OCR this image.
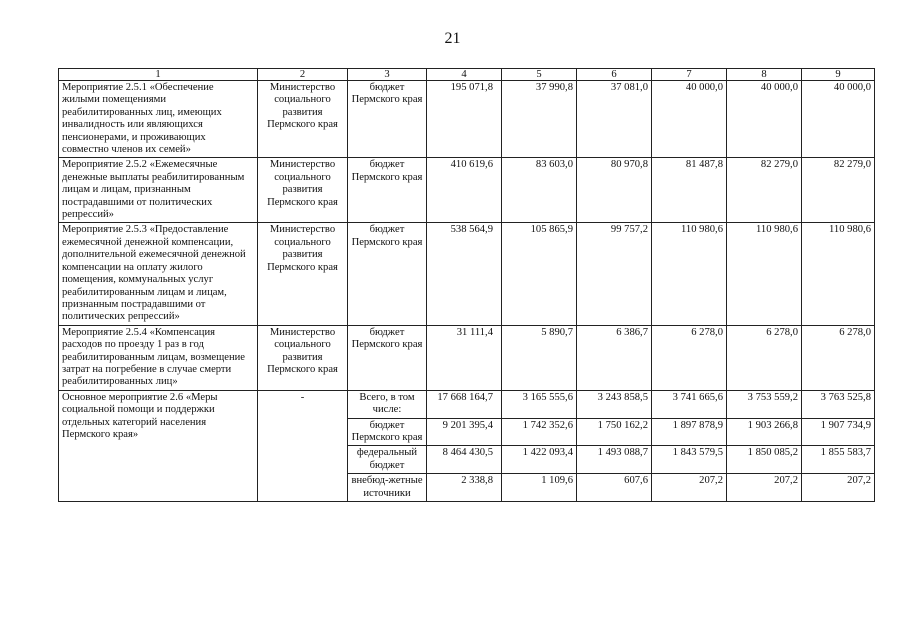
21
1	2	3	4	5	6	7	8	9
Мероприятие 2.5.1 «Обеспечение жилыми помещениями реабилитированных лиц, имеющих инвалидность или являющихся пенсионерами, и проживающих совместно членов их семей»	Министерство социального развития Пермского края	бюджет Пермского края	195 071,8	37 990,8	37 081,0	40 000,0	40 000,0	40 000,0
Мероприятие 2.5.2 «Ежемесячные денежные выплаты реабилитированным лицам и лицам, признанным пострадавшими от политических репрессий»	Министерство социального развития Пермского края	бюджет Пермского края	410 619,6	83 603,0	80 970,8	81 487,8	82 279,0	82 279,0
Мероприятие 2.5.3 «Предоставление ежемесячной денежной компенсации, дополнительной ежемесячной денежной компенсации на оплату жилого помещения, коммунальных услуг реабилитированным лицам и лицам, признанным пострадавшими от политических репрессий»	Министерство социального развития Пермского края	бюджет Пермского края	538 564,9	105 865,9	99 757,2	110 980,6	110 980,6	110 980,6
Мероприятие 2.5.4 «Компенсация расходов по проезду 1 раз в год реабилитированным лицам, возмещение затрат на погребение в случае смерти реабилитированных лиц»	Министерство социального развития Пермского края	бюджет Пермского края	31 111,4	5 890,7	6 386,7	6 278,0	6 278,0	6 278,0
Основное мероприятие 2.6 «Меры социальной помощи и поддержки отдельных категорий населения Пермского края»	-	Всего, в том числе:	17 668 164,7	3 165 555,6	3 243 858,5	3 741 665,6	3 753 559,2	3 763 525,8
		бюджет Пермского края	9 201 395,4	1 742 352,6	1 750 162,2	1 897 878,9	1 903 266,8	1 907 734,9
		федеральный бюджет	8 464 430,5	1 422 093,4	1 493 088,7	1 843 579,5	1 850 085,2	1 855 583,7
		внебюд-жетные источники	2 338,8	1 109,6	607,6	207,2	207,2	207,2
